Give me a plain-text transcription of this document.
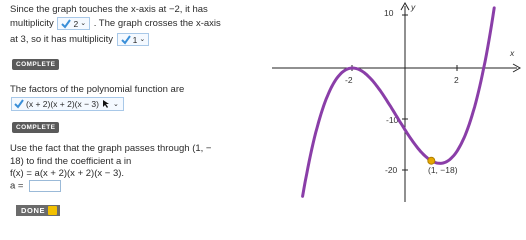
Since the graph touches the x-axis at −2, it has
multiplicity 2 ⌄ . The graph crosses the x-axis
at 3, so it has multiplicity 1 ⌄
COMPLETE
The factors of the polynomial function are
(x + 2)(x + 2)(x − 3) ⌄
COMPLETE
Use the fact that the graph passes through (1, −
18) to find the coefficient a in
f(x) = a(x + 2)(x + 2)(x − 3).
a =
DONE
10
-10
-20
-2	2
y
x
(1, −18)
